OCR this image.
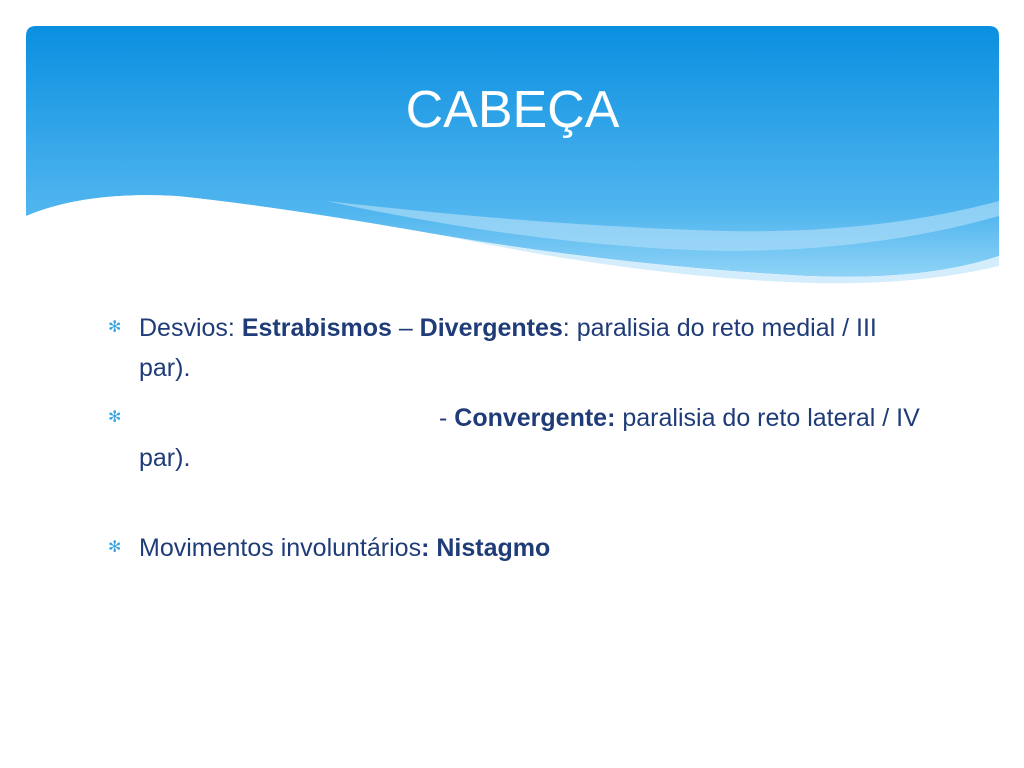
CABEÇA
✻ Desvios: Estrabismos – Divergentes: paralisia do reto medial / III par).
✻	- Convergente: paralisia do reto lateral / IV par).
✻ Movimentos involuntários: Nistagmo
